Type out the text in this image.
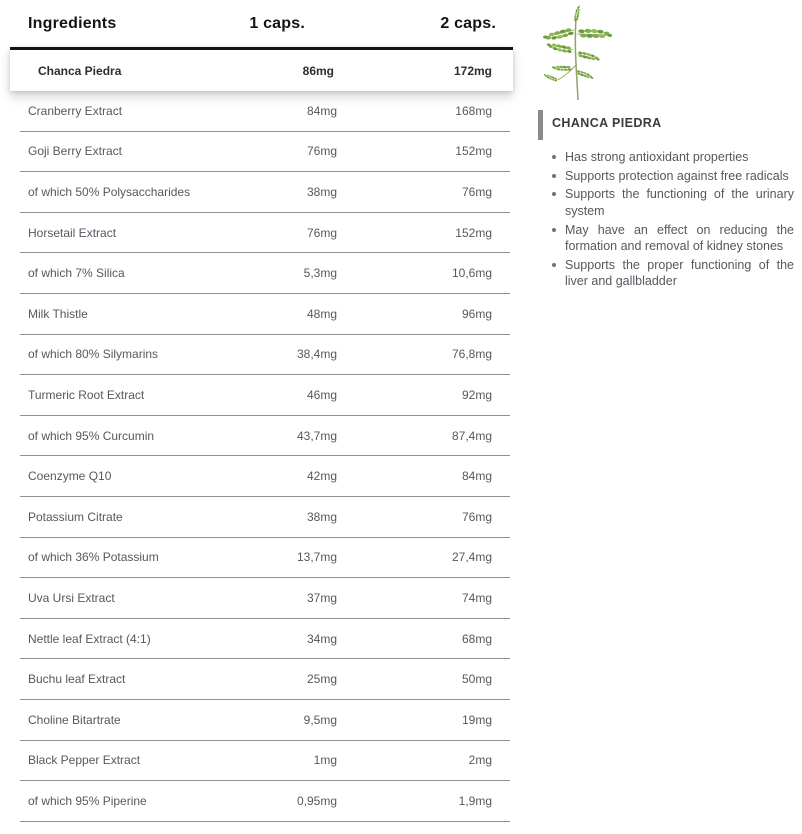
Ingredients	1 caps.	2 caps.
Chanca Piedra	86mg	172mg
Cranberry Extract	84mg	168mg
Goji Berry Extract	76mg	152mg
of which 50% Polysaccharides	38mg	76mg
Horsetail Extract	76mg	152mg
of which 7% Silica	5,3mg	10,6mg
Milk Thistle	48mg	96mg
of which 80% Silymarins	38,4mg	76,8mg
Turmeric Root Extract	46mg	92mg
of which 95% Curcumin	43,7mg	87,4mg
Coenzyme Q10	42mg	84mg
Potassium Citrate	38mg	76mg
of which 36% Potassium	13,7mg	27,4mg
Uva Ursi Extract	37mg	74mg
Nettle leaf Extract (4:1)	34mg	68mg
Buchu leaf Extract	25mg	50mg
Choline Bitartrate	9,5mg	19mg
Black Pepper Extract	1mg	2mg
of which 95% Piperine	0,95mg	1,9mg
CHANCA PIEDRA
Has strong antioxidant properties
Supports protection against free radicals
Supports the functioning of the urinary system
May have an effect on reducing the formation and removal of kidney stones
Supports the proper functioning of the liver and gallbladder
